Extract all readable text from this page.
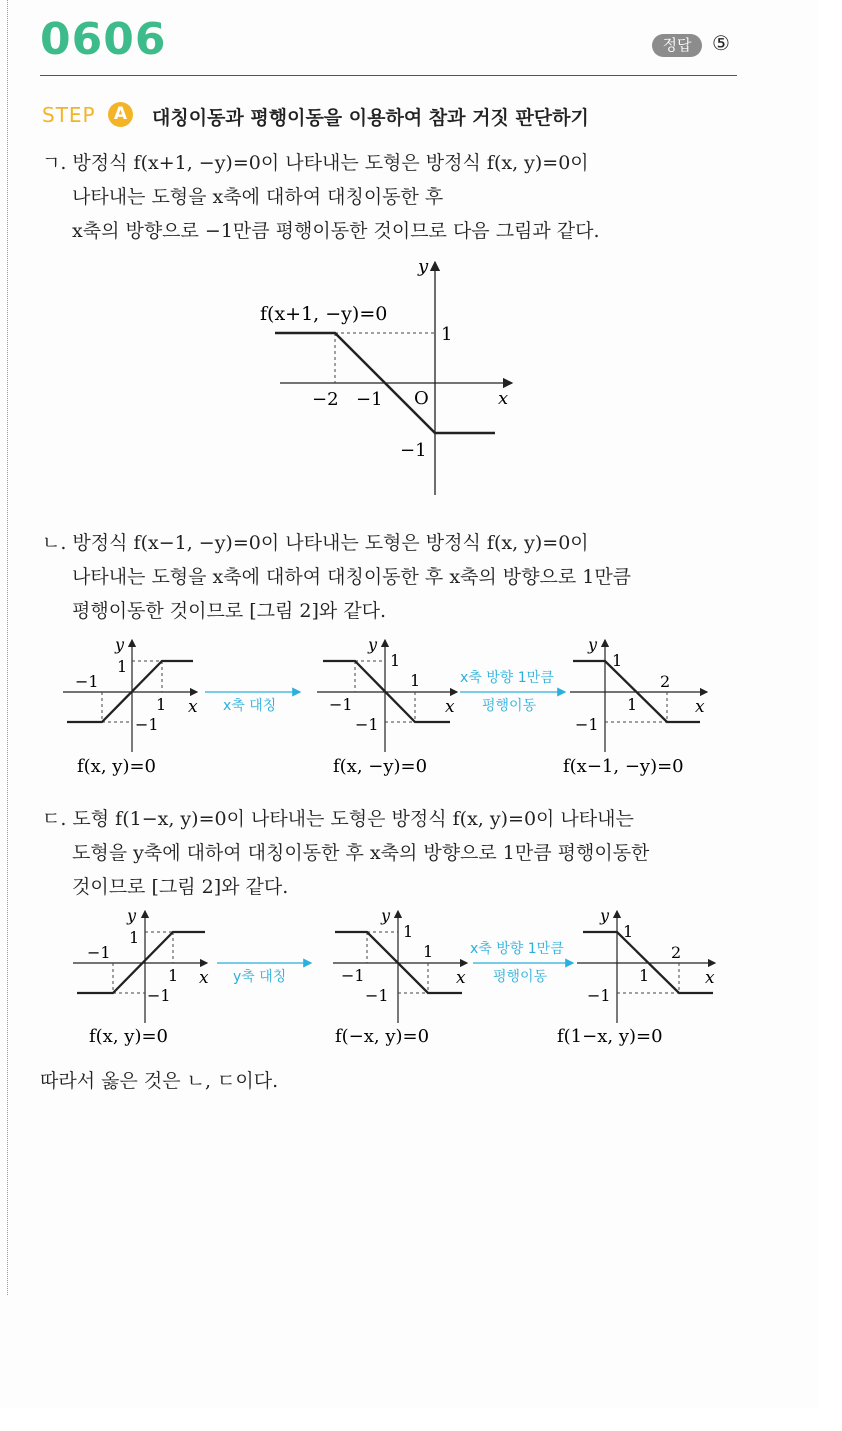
0606	정답	⑤
STEP	A	대칭이동과 평행이동을 이용하여 참과 거짓 판단하기
ㄱ. 방정식 f(x+1, −y)=0이 나타내는 도형은 방정식 f(x, y)=0이
나타내는 도형을 x축에 대하여 대칭이동한 후
x축의 방향으로 −1만큼 평행이동한 것이므로 다음 그림과 같다.
y
x
O
f(x+1, −y)=0
1
−2 −1
−1
ㄴ. 방정식 f(x−1, −y)=0이 나타내는 도형은 방정식 f(x, y)=0이
나타내는 도형을 x축에 대하여 대칭이동한 후 x축의 방향으로 1만큼
평행이동한 것이므로 [그림 2]와 같다.
y
1
−1
1 x
−1
f(x, y)=0
x축 대칭
y
1
1
−1	x
−1
f(x, −y)=0
x축 방향 1만큼
평행이동
y
1
2
1	x
−1
f(x−1, −y)=0
ㄷ. 도형 f(1−x, y)=0이 나타내는 도형은 방정식 f(x, y)=0이 나타내는
도형을 y축에 대하여 대칭이동한 후 x축의 방향으로 1만큼 평행이동한
것이므로 [그림 2]와 같다.
y
1
−1
1 x
−1
f(x, y)=0
y축 대칭
y
1
1
−1	x
−1
f(−x, y)=0
x축 방향 1만큼
평행이동
y
1
2
1	x
−1
f(1−x, y)=0
따라서 옳은 것은 ㄴ, ㄷ이다.
